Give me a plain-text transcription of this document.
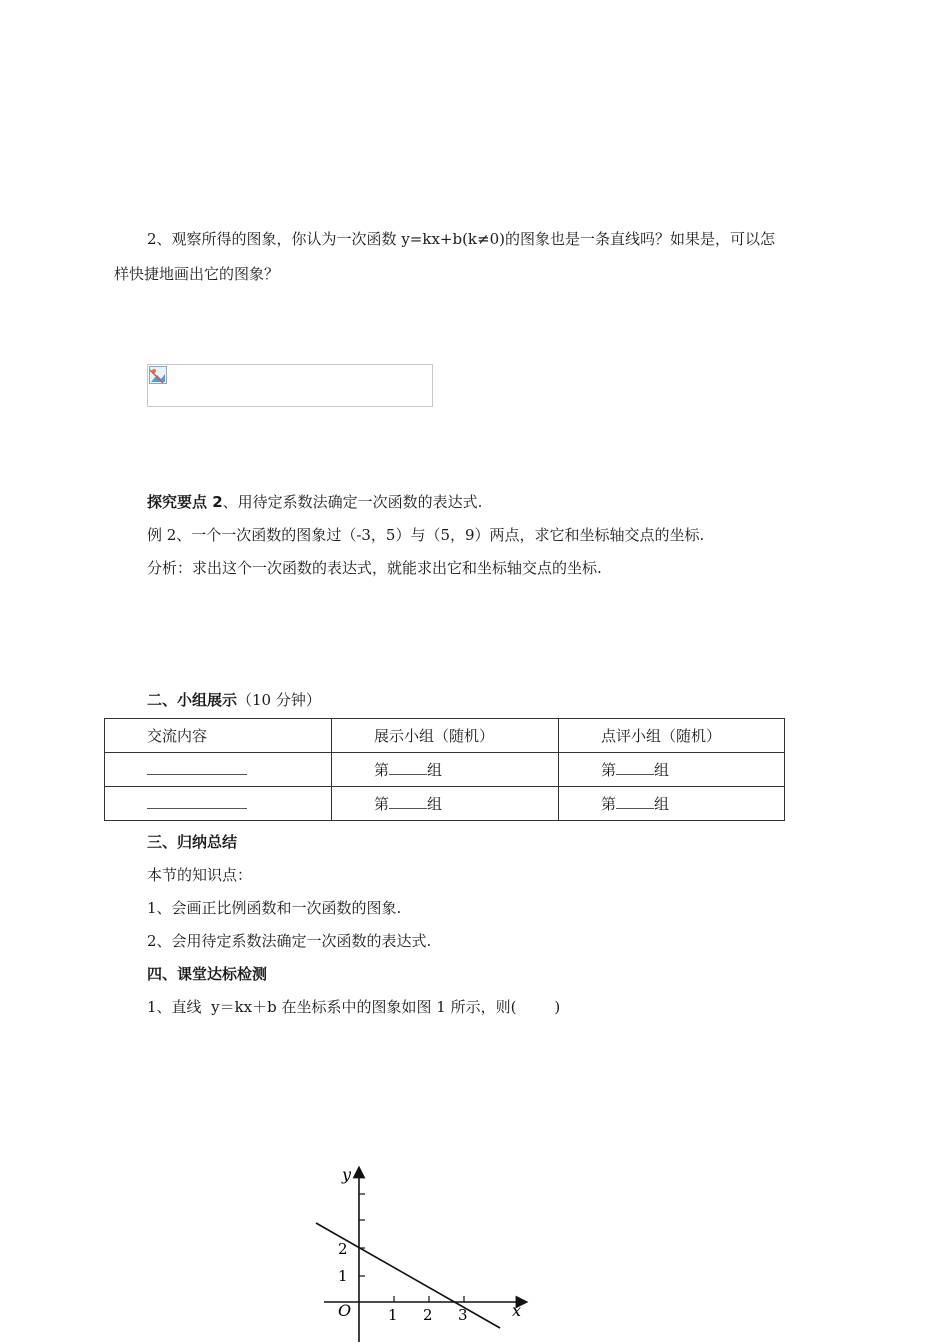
2、观察所得的图象，你认为一次函数 y=kx+b(k≠0)的图象也是一条直线吗？如果是，可以怎
样快捷地画出它的图象？
探究要点 2、用待定系数法确定一次函数的表达式.
例 2、一个一次函数的图象过（-3，5）与（5，9）两点，求它和坐标轴交点的坐标.
分析：求出这个一次函数的表达式，就能求出它和坐标轴交点的坐标.
二、小组展示（10 分钟）
交流内容	展示小组（随机）	点评小组（随机）
	第 组	第 组
	第 组	第 组
三、归纳总结
本节的知识点：
1、会画正比例函数和一次函数的图象.
2、会用待定系数法确定一次函数的表达式.
四、课堂达标检测
1、直线 y＝kx＋b 在坐标系中的图象如图 1 所示，则(	)
y
x
O
2
1
1 2 3
